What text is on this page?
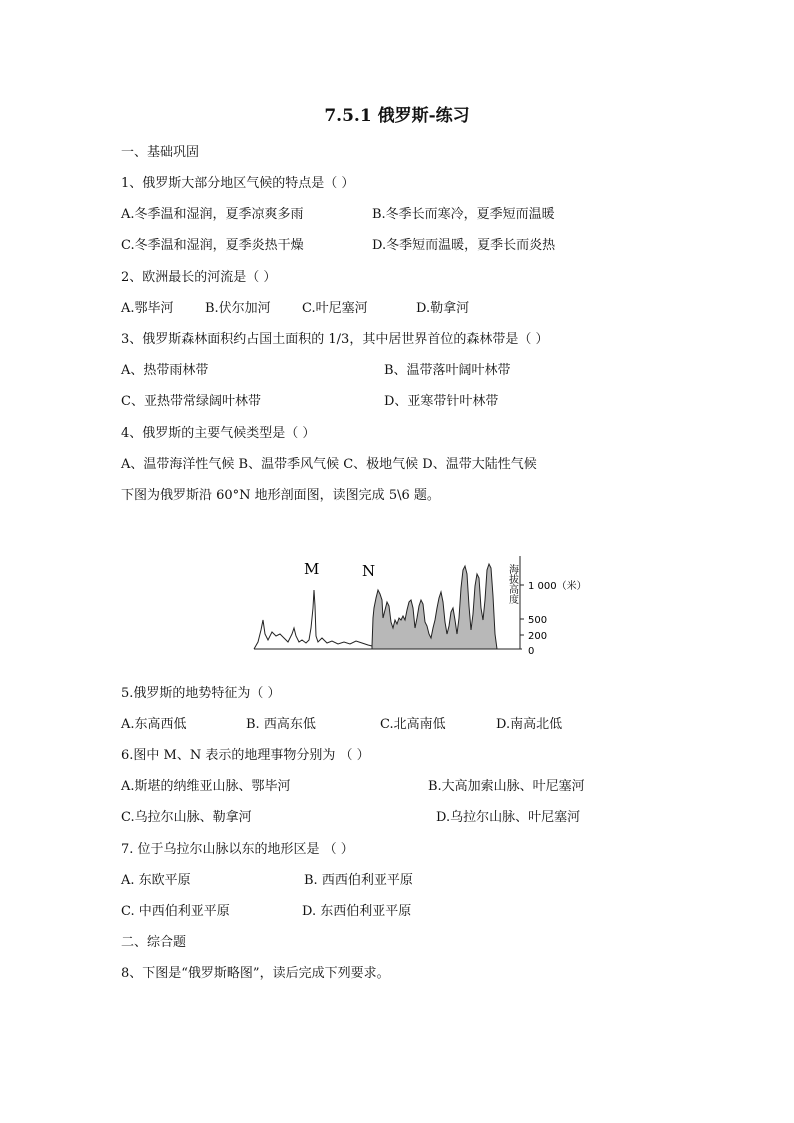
7.5.1 俄罗斯-练习
一、基础巩固
1、俄罗斯大部分地区气候的特点是（ ）
A.冬季温和湿润，夏季凉爽多雨	B.冬季长而寒冷，夏季短而温暖
C.冬季温和湿润，夏季炎热干燥	D.冬季短而温暖，夏季长而炎热
2、欧洲最长的河流是（ ）
A.鄂毕河 B.伏尔加河 C.叶尼塞河	D.勒拿河
3、俄罗斯森林面积约占国土面积的 1/3，其中居世界首位的森林带是（ ）
A、热带雨林带	B、温带落叶阔叶林带
C、亚热带常绿阔叶林带	D、亚寒带针叶林带
4、俄罗斯的主要气候类型是（ ）
A、温带海洋性气候 B、温带季风气候 C、极地气候 D、温带大陆性气候
下图为俄罗斯沿 60°N 地形剖面图，读图完成 5\6 题。
海拔高度 1 000（米）
500
200
0
M	N
5.俄罗斯的地势特征为（ ）
A.东高西低	B. 西高东低	C.北高南低	D.南高北低
6.图中 M、N 表示的地理事物分别为 （ ）
A.斯堪的纳维亚山脉、鄂毕河	B.大高加索山脉、叶尼塞河
C.乌拉尔山脉、勒拿河	D.乌拉尔山脉、叶尼塞河
7. 位于乌拉尔山脉以东的地形区是 （ ）
A. 东欧平原	B. 西西伯利亚平原
C. 中西伯利亚平原	D. 东西伯利亚平原
二、综合题
8、下图是“俄罗斯略图”，读后完成下列要求。
